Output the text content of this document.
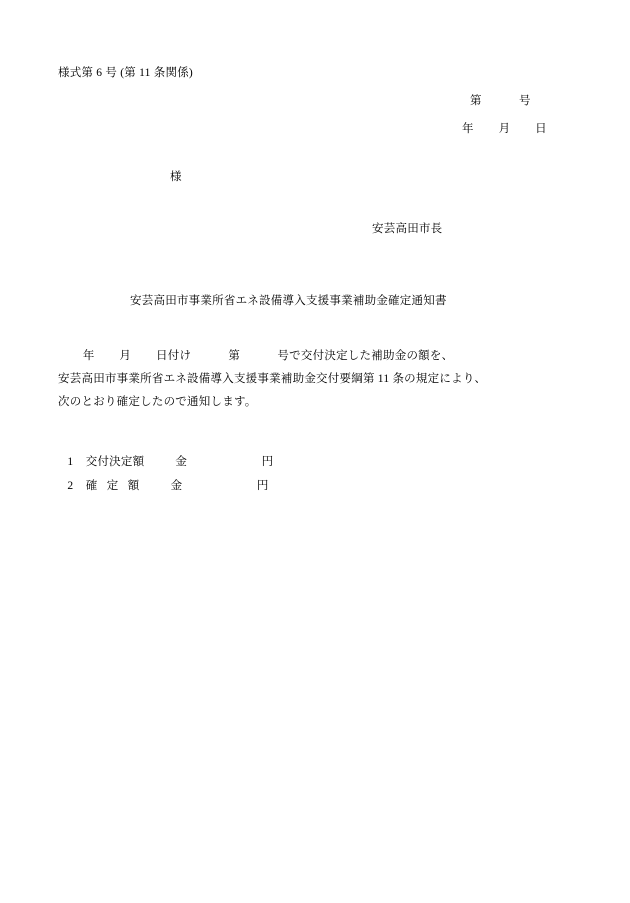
様式第 6 号 (第 11 条関係)
第            号
年        月        日
様
安芸高田市長
安芸高田市事業所省エネ設備導入支援事業補助金確定通知書
年        月        日付け            第            号で交付決定した補助金の額を、
安芸高田市事業所省エネ設備導入支援事業補助金交付要綱第 11 条の規定により、
次のとおり確定したので通知します。
1    交付決定額          金                        円
2    確   定   額          金                        円
